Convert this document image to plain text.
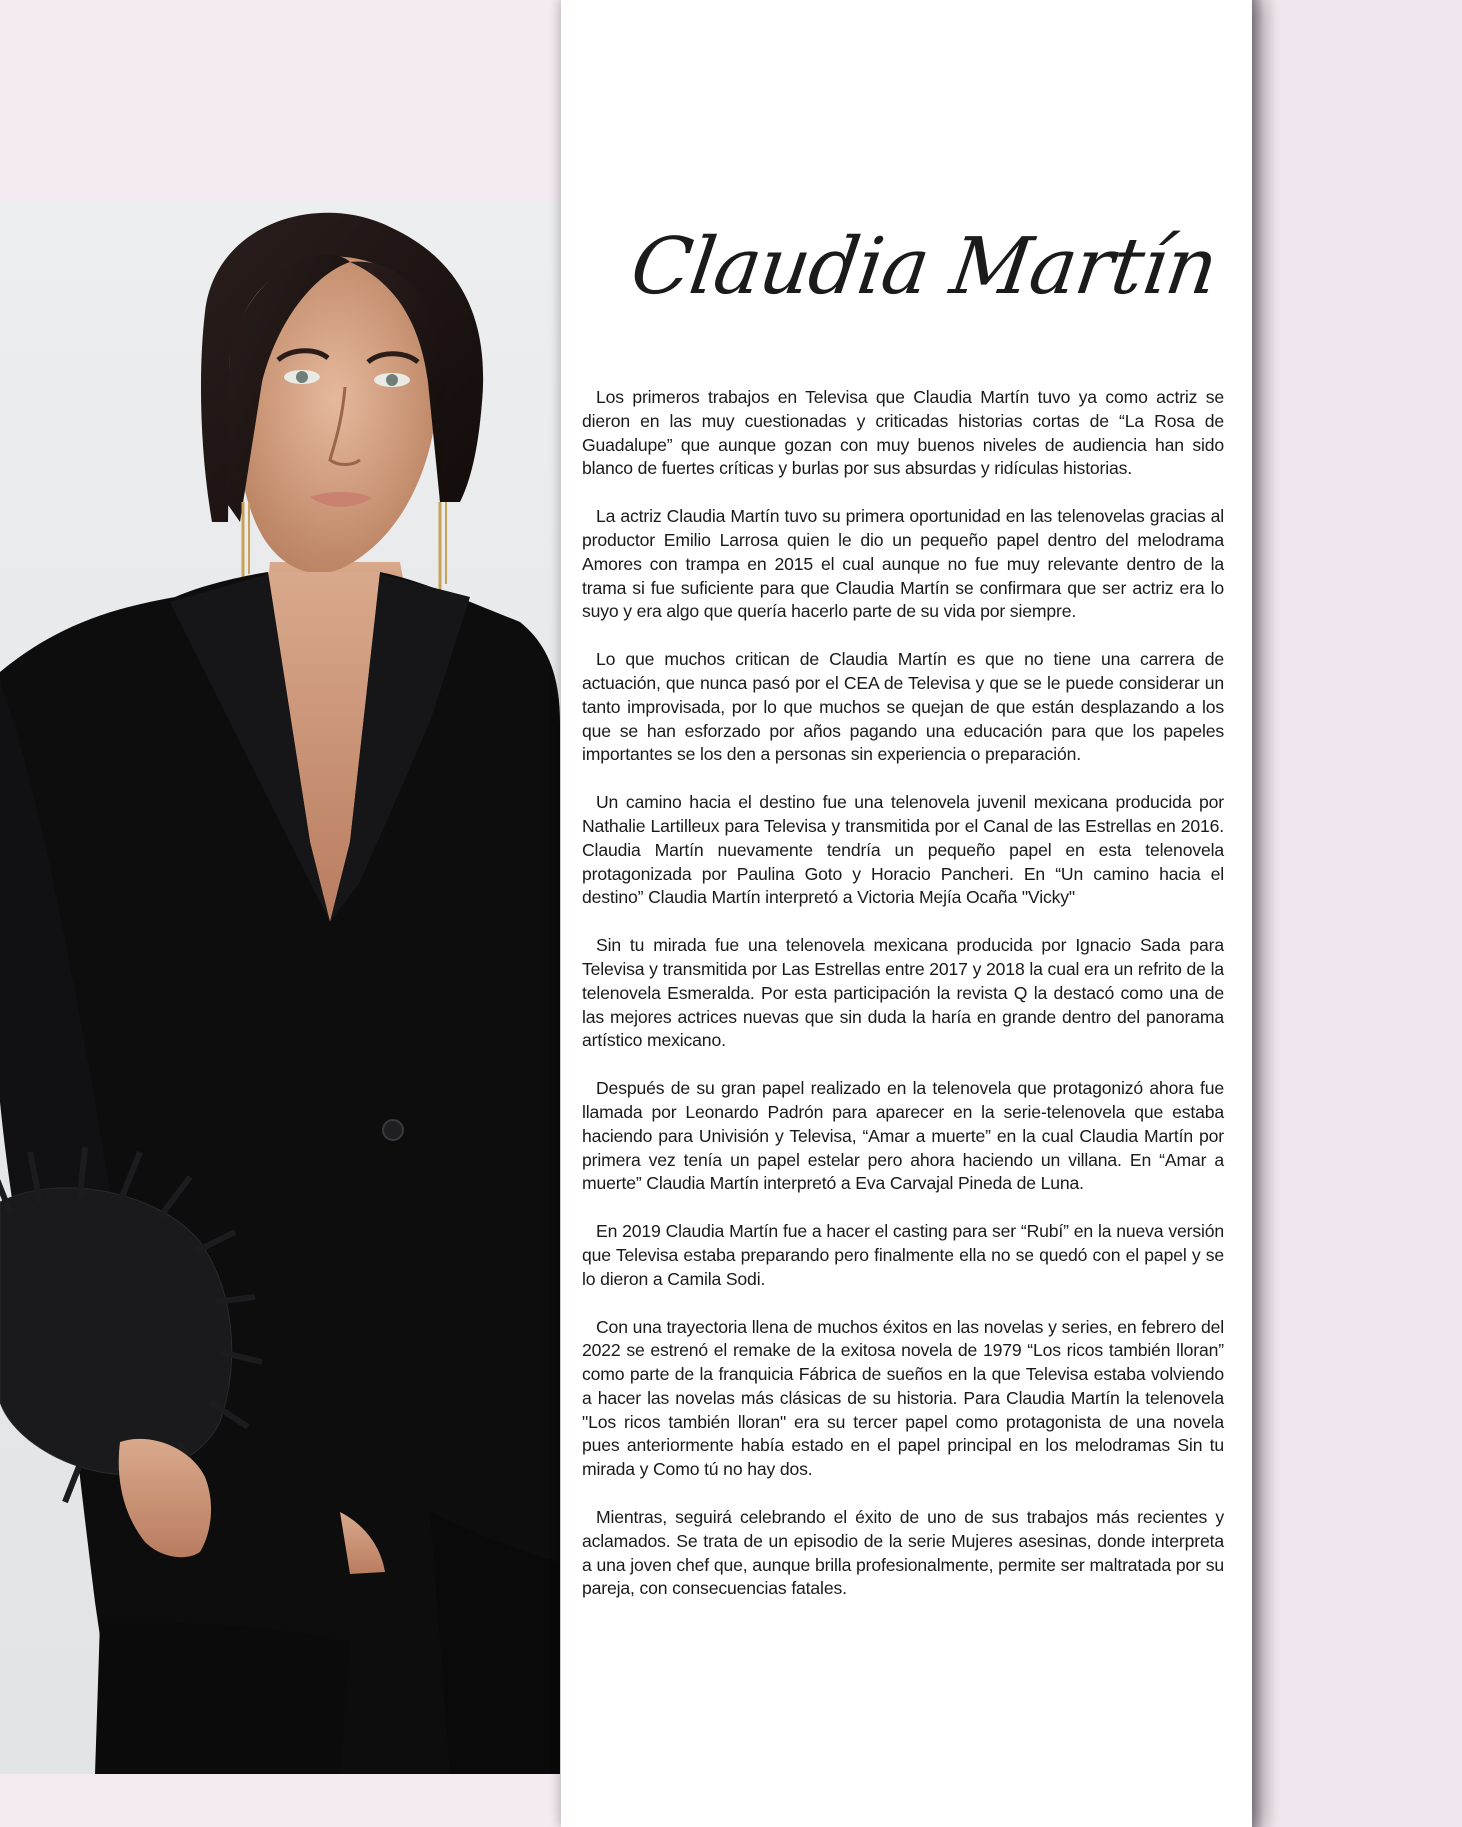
Claudia Martín

Los primeros trabajos en Televisa que Claudia Martín tuvo ya como actriz se dieron en las muy cuestionadas y criticadas historias cortas de “La Rosa de Guadalupe” que aunque gozan con muy buenos niveles de audiencia han sido blanco de fuertes críticas y burlas por sus absurdas y ridículas historias.

La actriz Claudia Martín tuvo su primera oportunidad en las telenovelas gracias al productor Emilio Larrosa quien le dio un pequeño papel dentro del melodrama Amores con trampa en 2015 el cual aunque no fue muy relevante dentro de la trama si fue suficiente para que Claudia Martín se confirmara que ser actriz era lo suyo y era algo que quería hacerlo parte de su vida por siempre.

Lo que muchos critican de Claudia Martín es que no tiene una carrera de actuación, que nunca pasó por el CEA de Televisa y que se le puede considerar un tanto improvisada, por lo que muchos se quejan de que están desplazando a los que se han esforzado por años pagando una educación para que los papeles importantes se los den a personas sin experiencia o preparación.

Un camino hacia el destino fue una telenovela juvenil mexicana producida por Nathalie Lartilleux para Televisa y transmitida por el Canal de las Estrellas en 2016. Claudia Martín nuevamente tendría un pequeño papel en esta telenovela protagonizada por Paulina Goto y Horacio Pancheri. En “Un camino hacia el destino” Claudia Martín interpretó a Victoria Mejía Ocaña "Vicky"

Sin tu mirada fue una telenovela mexicana producida por Ignacio Sada para Televisa y transmitida por Las Estrellas entre 2017 y 2018 la cual era un refrito de la telenovela Esmeralda. Por esta participación la revista Q la destacó como una de las mejores actrices nuevas que sin duda la haría en grande dentro del panorama artístico mexicano.

Después de su gran papel realizado en la telenovela que protagonizó ahora fue llamada por Leonardo Padrón para aparecer en la serie-telenovela que estaba haciendo para Univisión y Televisa, “Amar a muerte” en la cual Claudia Martín por primera vez tenía un papel estelar pero ahora haciendo un villana. En “Amar a muerte” Claudia Martín interpretó a Eva Carvajal Pineda de Luna.

En 2019 Claudia Martín fue a hacer el casting para ser “Rubí” en la nueva versión que Televisa estaba preparando pero finalmente ella no se quedó con el papel y se lo dieron a Camila Sodi.

Con una trayectoria llena de muchos éxitos en las novelas y series, en febrero del 2022 se estrenó el remake de la exitosa novela de 1979 “Los ricos también lloran” como parte de la franquicia Fábrica de sueños en la que Televisa estaba volviendo a hacer las novelas más clásicas de su historia. Para Claudia Martín la telenovela "Los ricos también lloran" era su tercer papel como protagonista de una novela pues anteriormente había estado en el papel principal en los melodramas Sin tu mirada y Como tú no hay dos.

Mientras, seguirá celebrando el éxito de uno de sus trabajos más recientes y aclamados. Se trata de un episodio de la serie Mujeres asesinas, donde interpreta a una joven chef que, aunque brilla profesionalmente, permite ser maltratada por su pareja, con consecuencias fatales.
